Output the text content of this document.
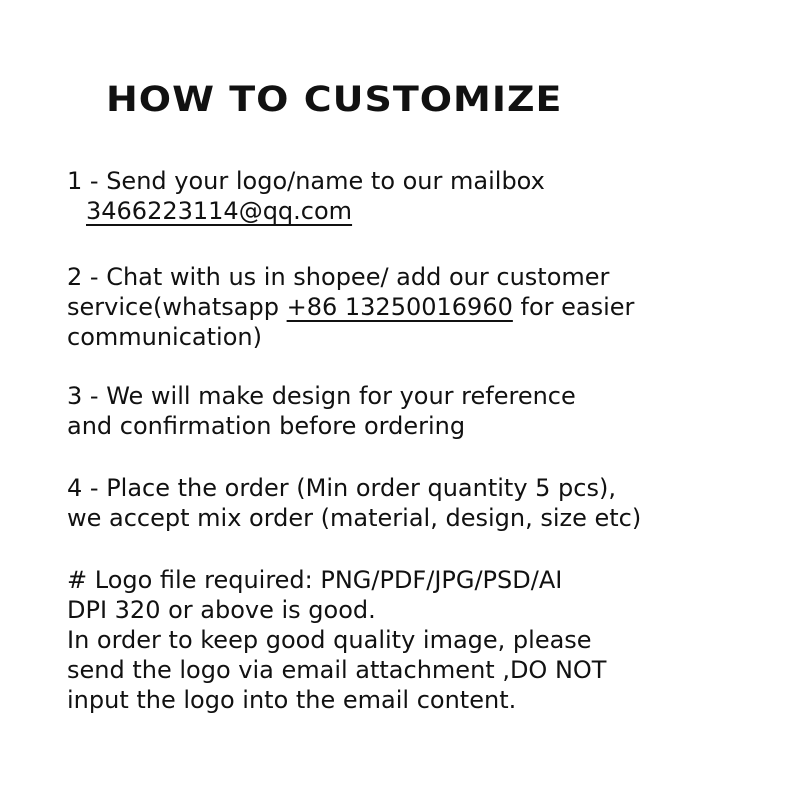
HOW TO CUSTOMIZE
1 - Send your logo/name to our mailbox
3466223114@qq.com
2 - Chat with us in shopee/ add our customer
service(whatsapp +86 13250016960 for easier
communication)
3 - We will make design for your reference
and confirmation before ordering
4 - Place the order (Min order quantity 5 pcs),
we accept mix order (material, design, size etc)
# Logo file required: PNG/PDF/JPG/PSD/AI
DPI 320 or above is good.
In order to keep good quality image, please
send the logo via email attachment ,DO NOT
input the logo into the email content.
